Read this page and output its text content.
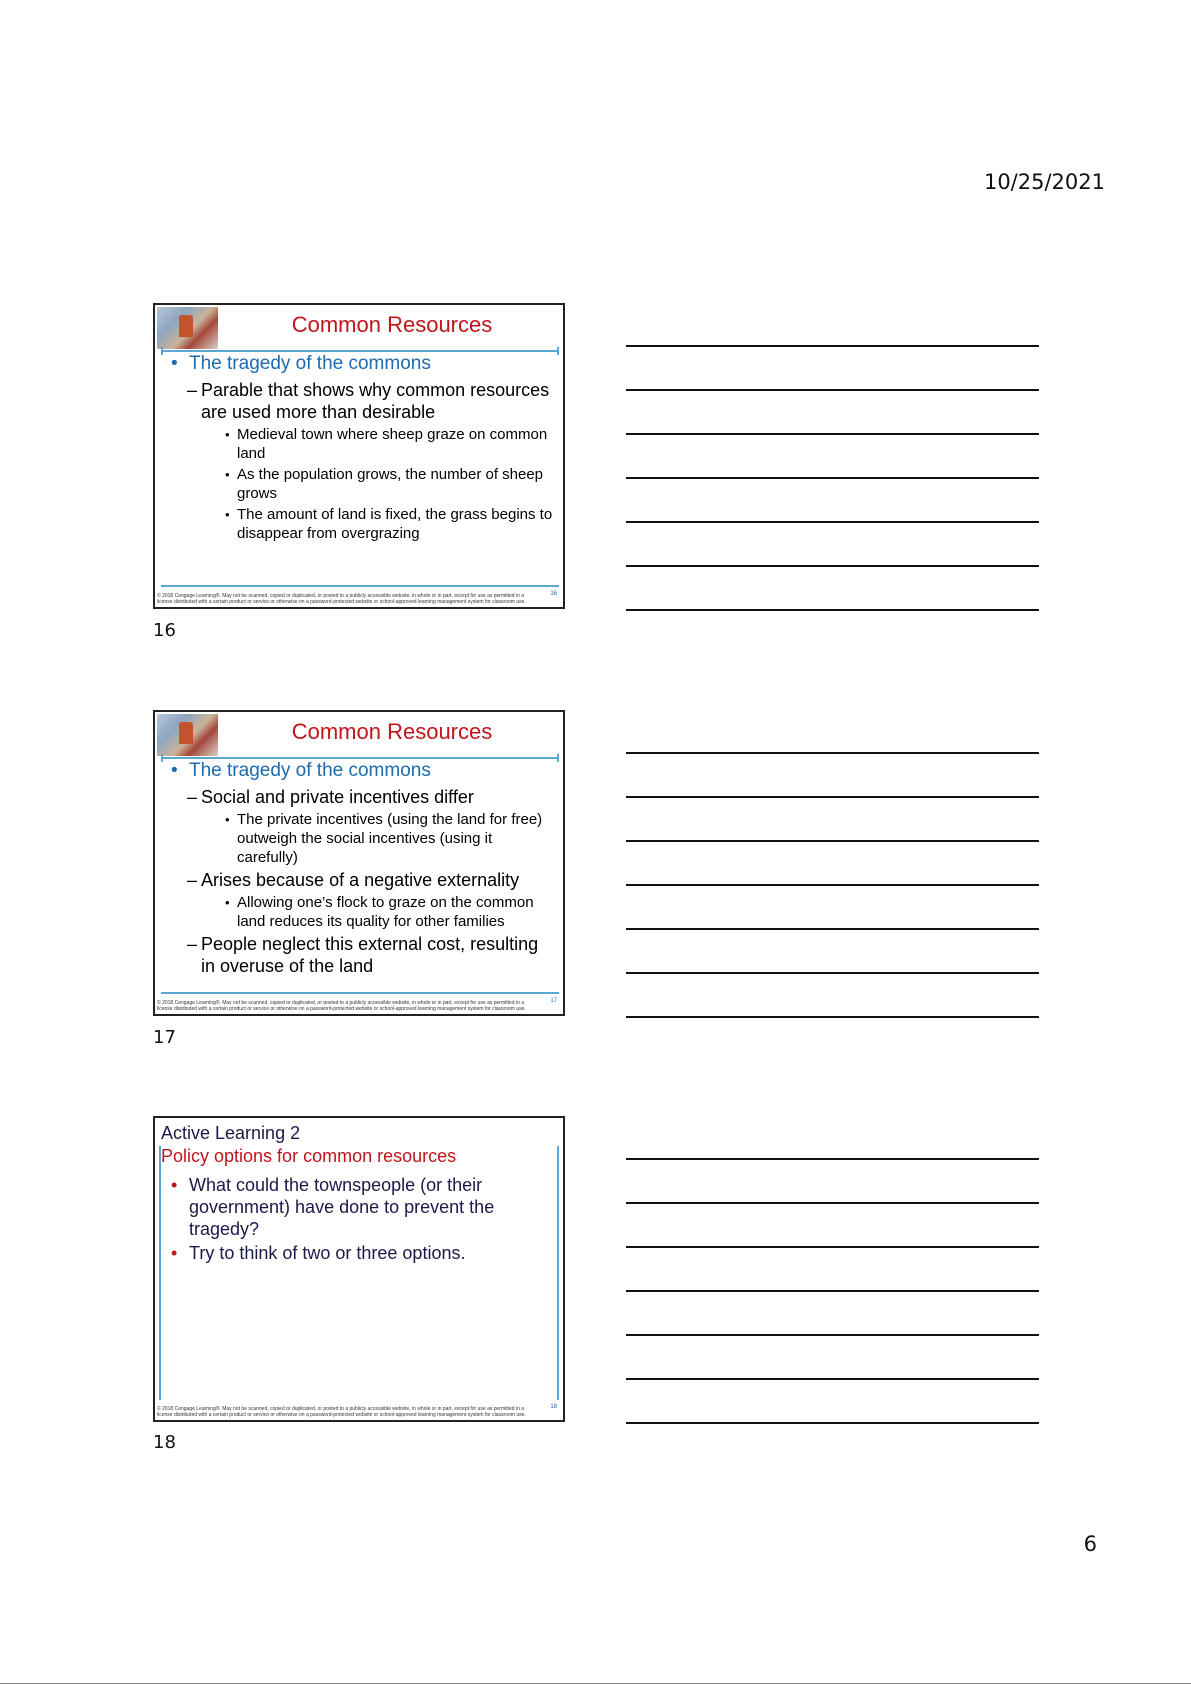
10/25/2021
Common Resources
• The tragedy of the commons
– Parable that shows why common resources are used more than desirable
• Medieval town where sheep graze on common land
• As the population grows, the number of sheep grows
• The amount of land is fixed, the grass begins to disappear from overgrazing
© 2018 Cengage Learning®. May not be scanned, copied or duplicated, or posted to a publicly accessible website, in whole or in part, except for use as permitted in a license distributed with a certain product or service or otherwise on a password-protected website or school-approved learning management system for classroom use.
16
16
Common Resources
• The tragedy of the commons
– Social and private incentives differ
• The private incentives (using the land for free) outweigh the social incentives (using it carefully)
– Arises because of a negative externality
• Allowing one’s flock to graze on the common land reduces its quality for other families
– People neglect this external cost, resulting in overuse of the land
© 2018 Cengage Learning®. May not be scanned, copied or duplicated, or posted to a publicly accessible website, in whole or in part, except for use as permitted in a license distributed with a certain product or service or otherwise on a password-protected website or school-approved learning management system for classroom use.
17
17
Active Learning 2
Policy options for common resources
• What could the townspeople (or their government) have done to prevent the tragedy?
• Try to think of two or three options.
© 2018 Cengage Learning®. May not be scanned, copied or duplicated, or posted to a publicly accessible website, in whole or in part, except for use as permitted in a license distributed with a certain product or service or otherwise on a password-protected website or school-approved learning management system for classroom use.
18
18
6
